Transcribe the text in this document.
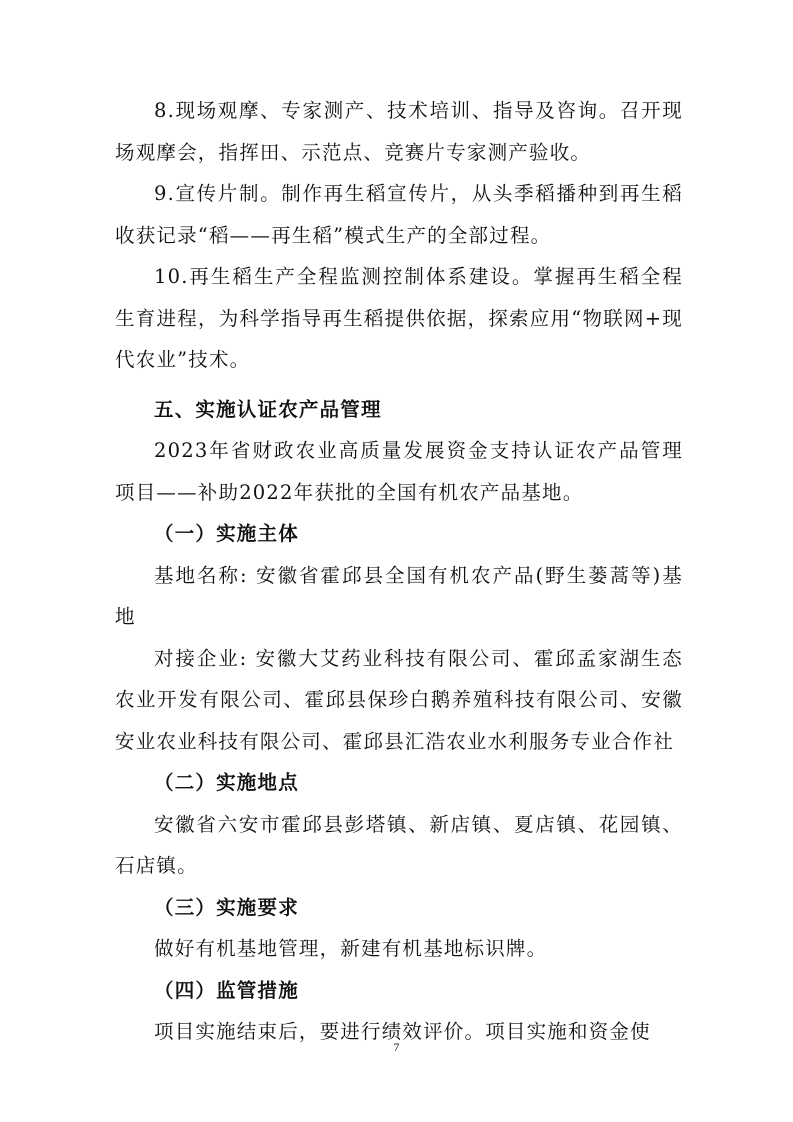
8.现场观摩、专家测产、技术培训、指导及咨询。召开现场观摩会，指挥田、示范点、竞赛片专家测产验收。

9.宣传片制。制作再生稻宣传片，从头季稻播种到再生稻收获记录“稻——再生稻”模式生产的全部过程。

10.再生稻生产全程监测控制体系建设。掌握再生稻全程生育进程，为科学指导再生稻提供依据，探索应用“物联网+现代农业”技术。

五、实施认证农产品管理

2023年省财政农业高质量发展资金支持认证农产品管理项目——补助2022年获批的全国有机农产品基地。

（一）实施主体

基地名称: 安徽省霍邱县全国有机农产品(野生蒌蒿等)基地

对接企业: 安徽大艾药业科技有限公司、霍邱孟家湖生态农业开发有限公司、霍邱县保珍白鹅养殖科技有限公司、安徽安业农业科技有限公司、霍邱县汇浩农业水利服务专业合作社

（二）实施地点

安徽省六安市霍邱县彭塔镇、新店镇、夏店镇、花园镇、石店镇。

（三）实施要求

做好有机基地管理，新建有机基地标识牌。

（四）监管措施

项目实施结束后，要进行绩效评价。项目实施和资金使

7
